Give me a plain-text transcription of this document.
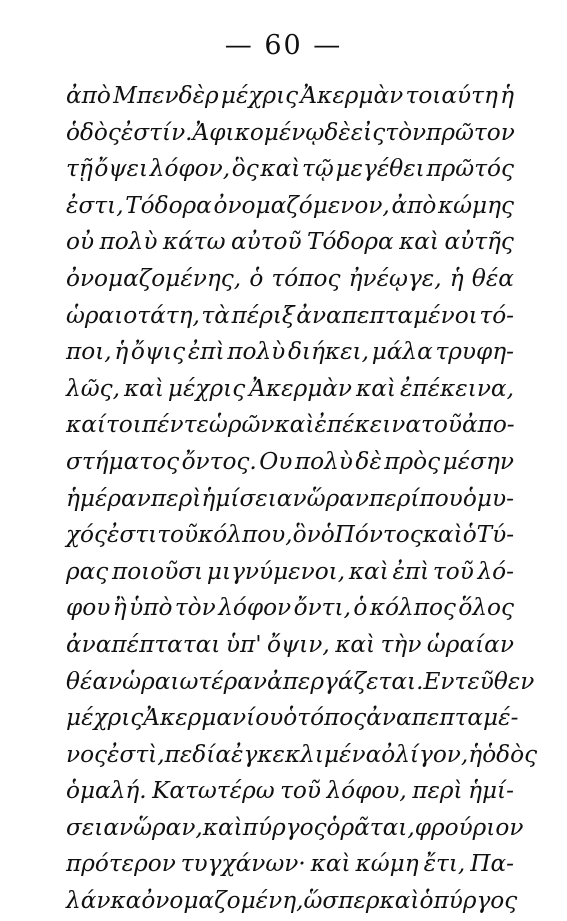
— 60 —
ἀπὸ Μπενδὲρ μέχρις Ἀκερμὰν τοιαύτη ἡ
ὁδὸς ἐστίν. Ἀφικομένῳ δὲ εἰς τὸν πρῶτον
τῇ ὄψει λόφον, ὃς καὶ τῷ μεγέθει πρῶτός
ἐστι, Τόδορα ὀνομαζόμενον, ἀπὸ κώμης
οὐ πολὺ κάτω αὐτοῦ Τόδορα καὶ αὐτῆς
ὀνομαζομένης, ὁ τόπος ἠνέῳγε, ἡ θέα
ὡραιοτάτη, τὰ πέριξ ἀναπεπταμένοι τό-
ποι, ἡ ὄψις ἐπὶ πολὺ διήκει, μάλα τρυφη-
λῶς, καὶ μέχρις Ἀκερμὰν καὶ ἐπέκεινα,
καίτοι πέντε ὡρῶν καὶ ἐπέκεινα τοῦ ἀπο-
στήματος ὄντος. Ου πολὺ δὲ πρὸς μέσην
ἡμέραν περὶ ἡμίσειαν ὥραν περίπου ὁ μυ-
χός ἐστι τοῦ κόλπου, ὃν ὁ Πόντος καὶ ὁ Τύ-
ρας ποιοῦσι μιγνύμενοι, καὶ ἐπὶ τοῦ λό-
φου ἢ ὑπὸ τὸν λόφον ὄντι, ὁ κόλπος ὅλος
ἀναπέπταται ὑπ' ὄψιν, καὶ τὴν ὡραίαν
θέαν ὡραιωτέραν ἀπεργάζεται. Εντεῦθεν
μέχρις Ἀκερμανίου ὁ τόπος ἀναπεπταμέ-
νος ἐστὶ, πεδία ἐγκεκλιμένα ὀλίγον, ἡ ὁδὸς
ὁμαλή. Κατωτέρω τοῦ λόφου, περὶ ἡμί-
σειαν ὥραν, καὶ πύργος ὁρᾶται, φρούριον
πρότερον τυγχάνων· καὶ κώμη ἔτι, Πα-
λάνκα ὀνομαζομένη, ὥσπερ καὶ ὁ πύργος
